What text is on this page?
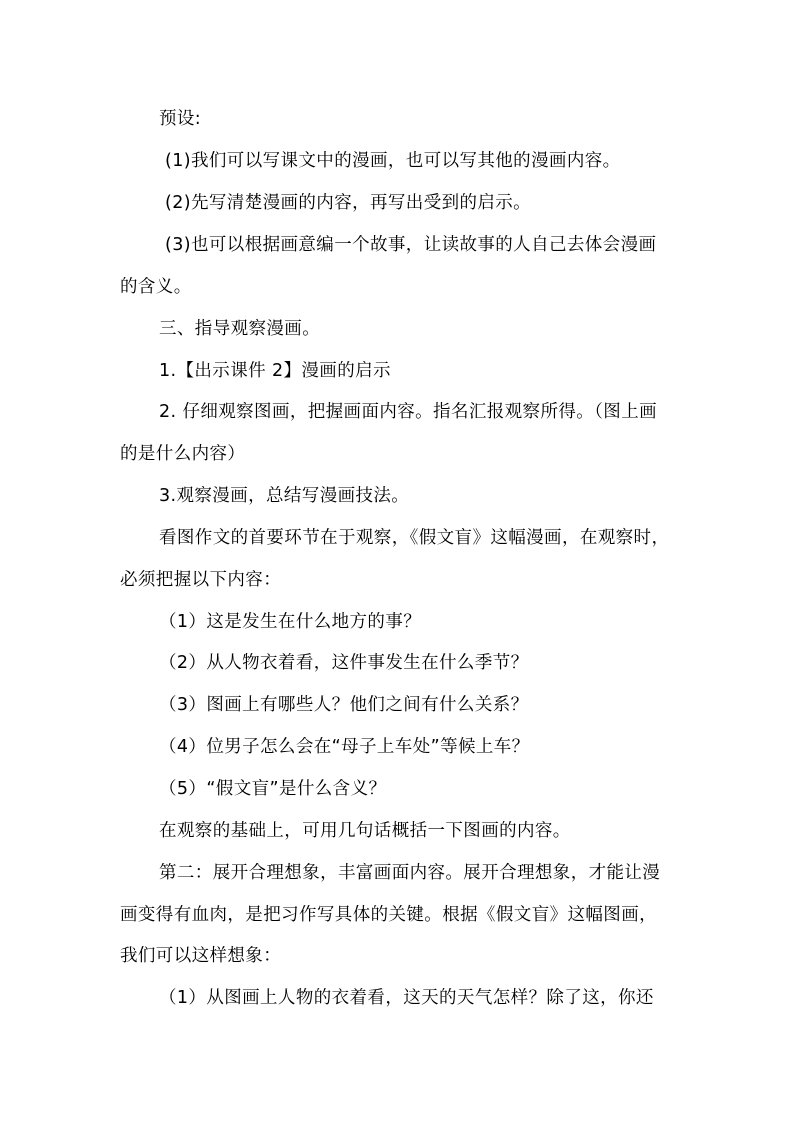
预设:
(1)我们可以写课文中的漫画，也可以写其他的漫画内容。
(2)先写清楚漫画的内容，再写出受到的启示。
(3)也可以根据画意编一个故事，让读故事的人自己去体会漫画
的含义。
三、指导观察漫画。
1.【出示课件 2】漫画的启示
2. 仔细观察图画，把握画面内容。指名汇报观察所得。（图上画
的是什么内容）
3.观察漫画，总结写漫画技法。
看图作文的首要环节在于观察，《假文盲》这幅漫画，在观察时，
必须把握以下内容：
（1）这是发生在什么地方的事？
（2）从人物衣着看，这件事发生在什么季节？
（3）图画上有哪些人？他们之间有什么关系？
（4）位男子怎么会在“母子上车处”等候上车？
（5）“假文盲”是什么含义？
在观察的基础上，可用几句话概括一下图画的内容。
第二：展开合理想象，丰富画面内容。展开合理想象，才能让漫
画变得有血肉，是把习作写具体的关键。根据《假文盲》这幅图画，
我们可以这样想象：
（1）从图画上人物的衣着看，这天的天气怎样？除了这，你还
